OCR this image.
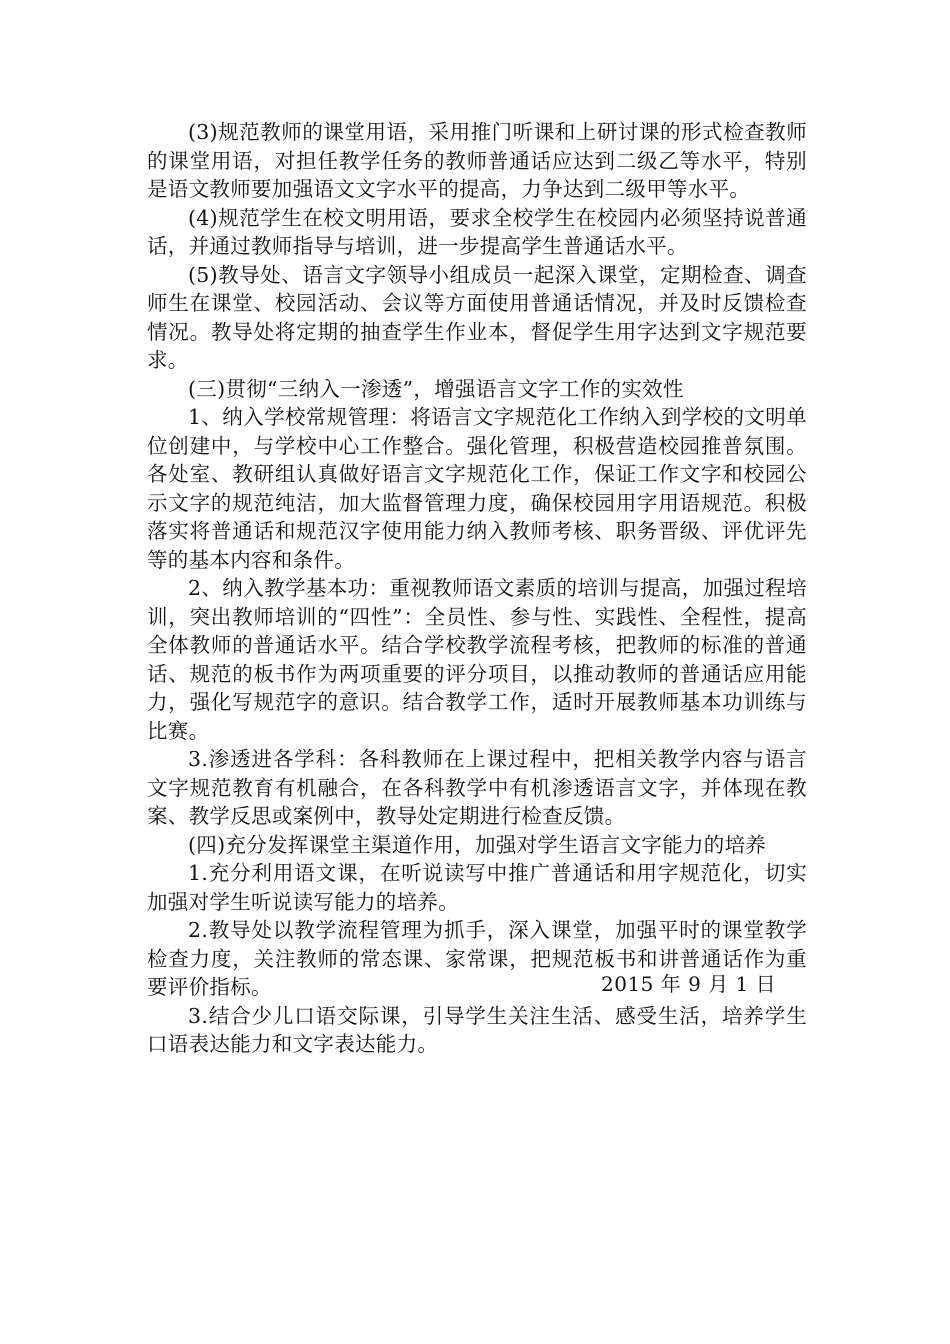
(3)规范教师的课堂用语，采用推门听课和上研讨课的形式检查教师的课堂用语，对担任教学任务的教师普通话应达到二级乙等水平，特别是语文教师要加强语文文字水平的提高，力争达到二级甲等水平。

(4)规范学生在校文明用语，要求全校学生在校园内必须坚持说普通话，并通过教师指导与培训，进一步提高学生普通话水平。

(5)教导处、语言文字领导小组成员一起深入课堂，定期检查、调查师生在课堂、校园活动、会议等方面使用普通话情况，并及时反馈检查情况。教导处将定期的抽查学生作业本，督促学生用字达到文字规范要求。

(三)贯彻“三纳入一渗透”，增强语言文字工作的实效性

1、纳入学校常规管理：将语言文字规范化工作纳入到学校的文明单位创建中，与学校中心工作整合。强化管理，积极营造校园推普氛围。各处室、教研组认真做好语言文字规范化工作，保证工作文字和校园公示文字的规范纯洁，加大监督管理力度，确保校园用字用语规范。积极落实将普通话和规范汉字使用能力纳入教师考核、职务晋级、评优评先等的基本内容和条件。

2、纳入教学基本功：重视教师语文素质的培训与提高，加强过程培训，突出教师培训的“四性”：全员性、参与性、实践性、全程性，提高全体教师的普通话水平。结合学校教学流程考核，把教师的标准的普通话、规范的板书作为两项重要的评分项目，以推动教师的普通话应用能力，强化写规范字的意识。结合教学工作，适时开展教师基本功训练与比赛。

3.渗透进各学科：各科教师在上课过程中，把相关教学内容与语言文字规范教育有机融合，在各科教学中有机渗透语言文字，并体现在教案、教学反思或案例中，教导处定期进行检查反馈。

(四)充分发挥课堂主渠道作用，加强对学生语言文字能力的培养

1.充分利用语文课，在听说读写中推广普通话和用字规范化，切实加强对学生听说读写能力的培养。

2.教导处以教学流程管理为抓手，深入课堂，加强平时的课堂教学检查力度，关注教师的常态课、家常课，把规范板书和讲普通话作为重要评价指标。

3.结合少儿口语交际课，引导学生关注生活、感受生活，培养学生口语表达能力和文字表达能力。

2015 年 9 月 1 日
